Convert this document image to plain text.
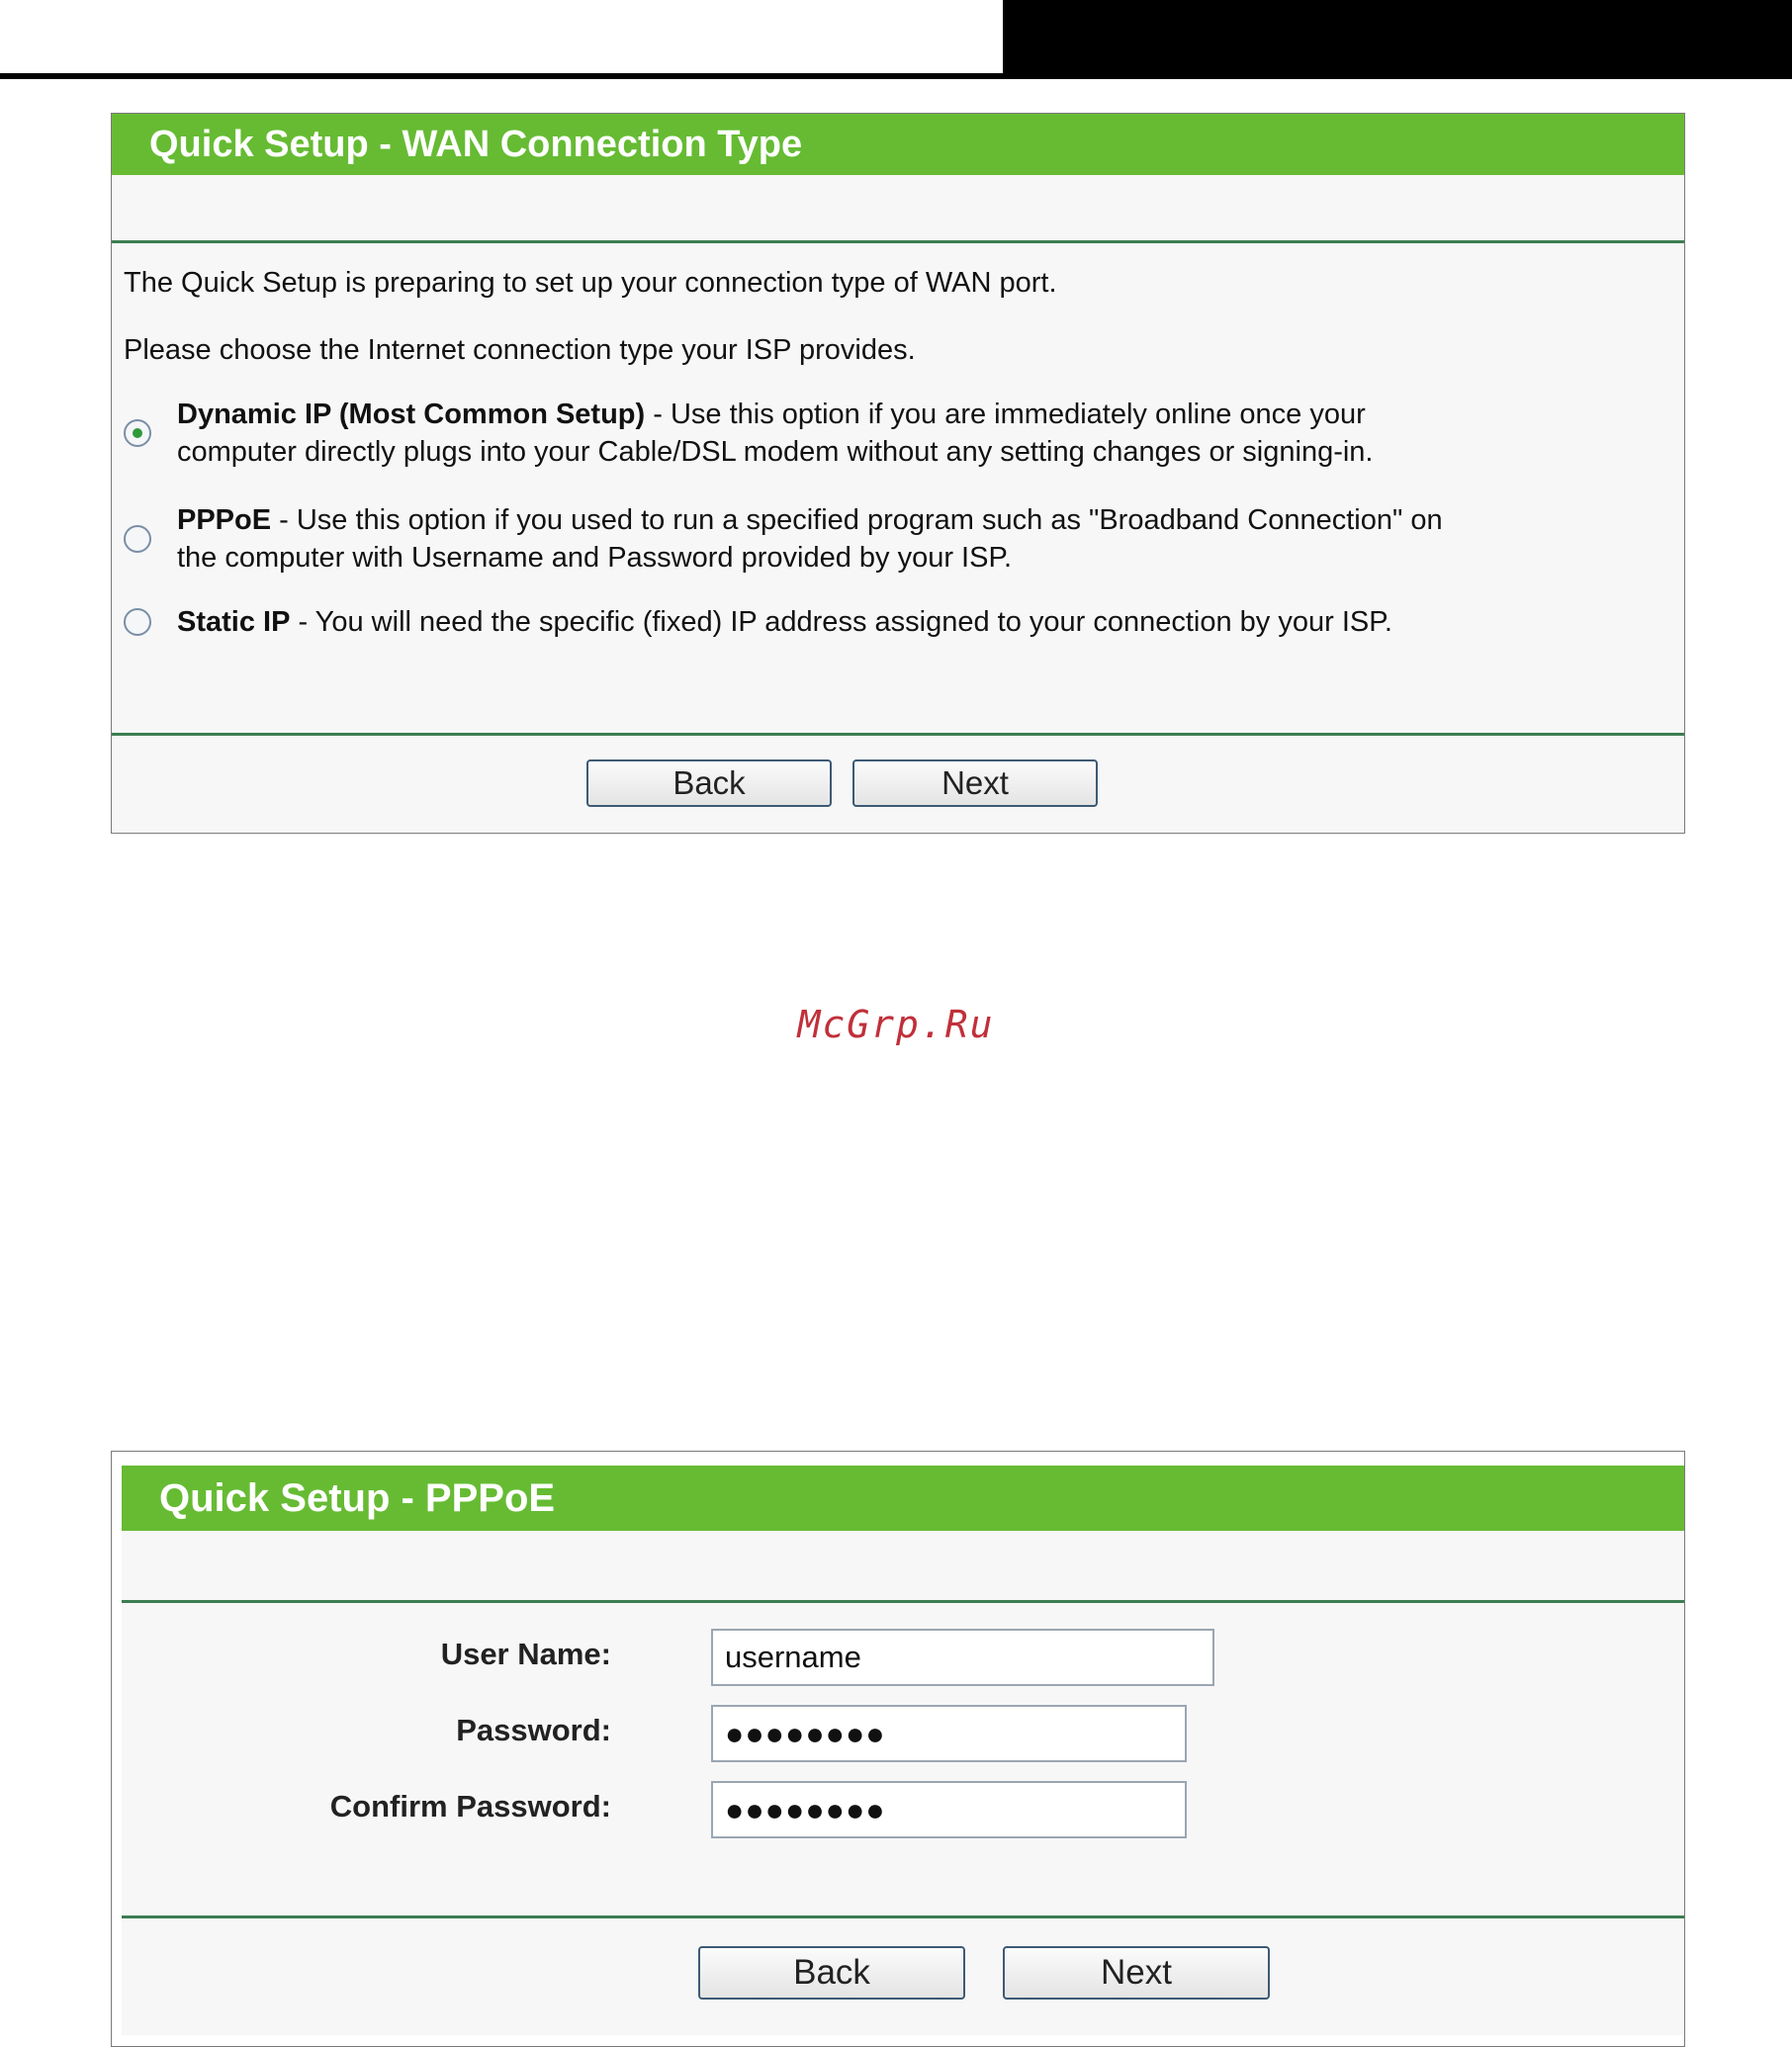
Quick Setup - WAN Connection Type
The Quick Setup is preparing to set up your connection type of WAN port.
Please choose the Internet connection type your ISP provides.
Dynamic IP (Most Common Setup) - Use this option if you are immediately online once your
computer directly plugs into your Cable/DSL modem without any setting changes or signing-in.
PPPoE - Use this option if you used to run a specified program such as "Broadband Connection" on
the computer with Username and Password provided by your ISP.
Static IP - You will need the specific (fixed) IP address assigned to your connection by your ISP.
Back	Next
McGrp.Ru
Quick Setup - PPPoE
User Name:
username
Password:
●●●●●●●●
Confirm Password:
●●●●●●●●
Back	Next
